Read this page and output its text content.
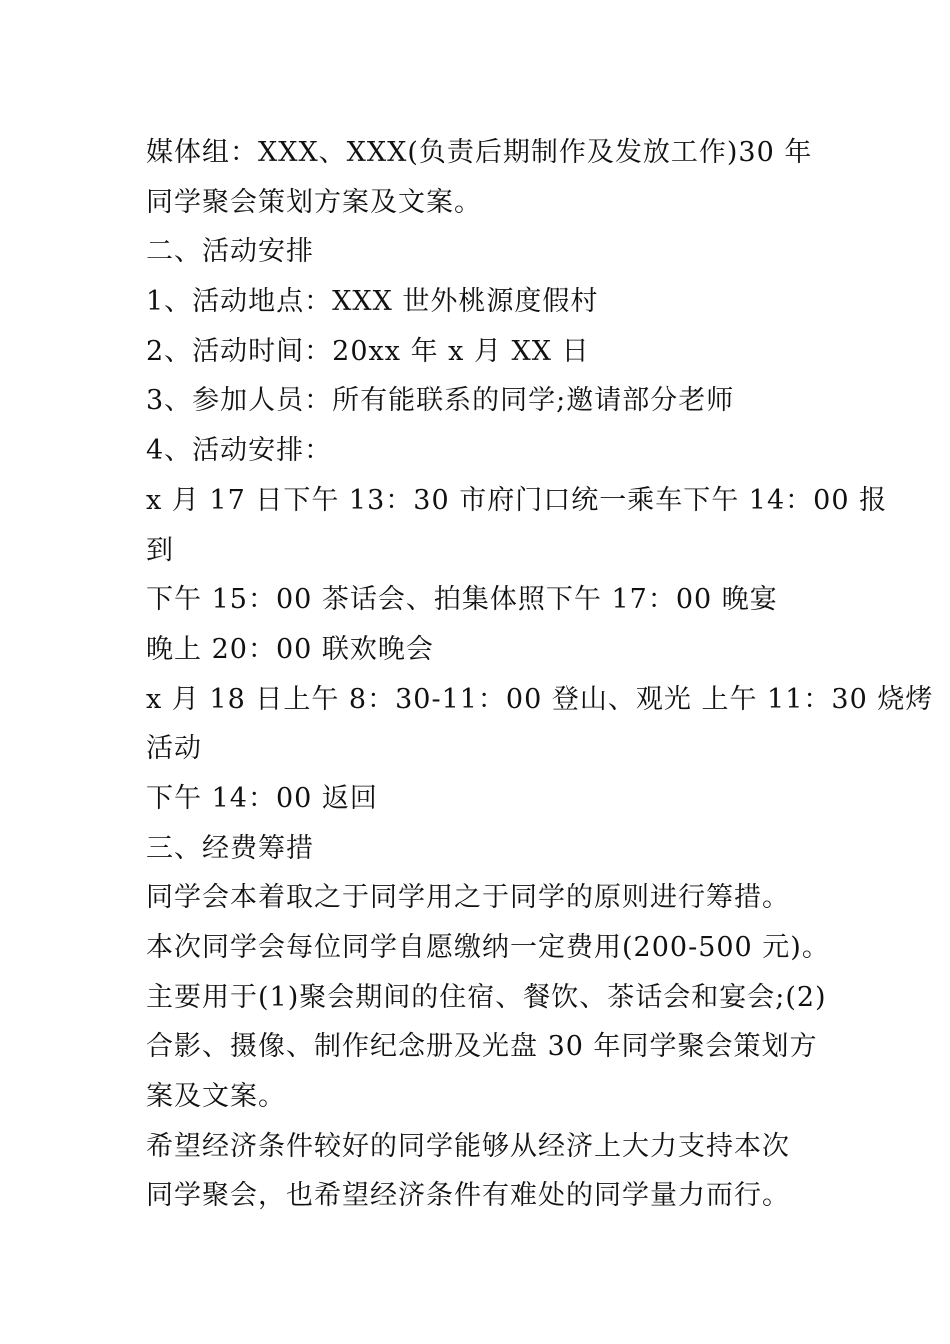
媒体组：XXX、XXX(负责后期制作及发放工作)30 年
同学聚会策划方案及文案。
二、活动安排
1、活动地点：XXX 世外桃源度假村
2、活动时间：20xx 年 x 月 XX 日
3、参加人员：所有能联系的同学;邀请部分老师
4、活动安排：
x 月 17 日下午 13：30 市府门口统一乘车下午 14：00 报
到
下午 15：00 茶话会、拍集体照下午 17：00 晚宴
晚上 20：00 联欢晚会
x 月 18 日上午 8：30-11：00 登山、观光 上午 11：30 烧烤
活动
下午 14：00 返回
三、经费筹措
同学会本着取之于同学用之于同学的原则进行筹措。
本次同学会每位同学自愿缴纳一定费用(200-500 元)。
主要用于(1)聚会期间的住宿、餐饮、茶话会和宴会;(2)
合影、摄像、制作纪念册及光盘 30 年同学聚会策划方
案及文案。
希望经济条件较好的同学能够从经济上大力支持本次
同学聚会，也希望经济条件有难处的同学量力而行。
